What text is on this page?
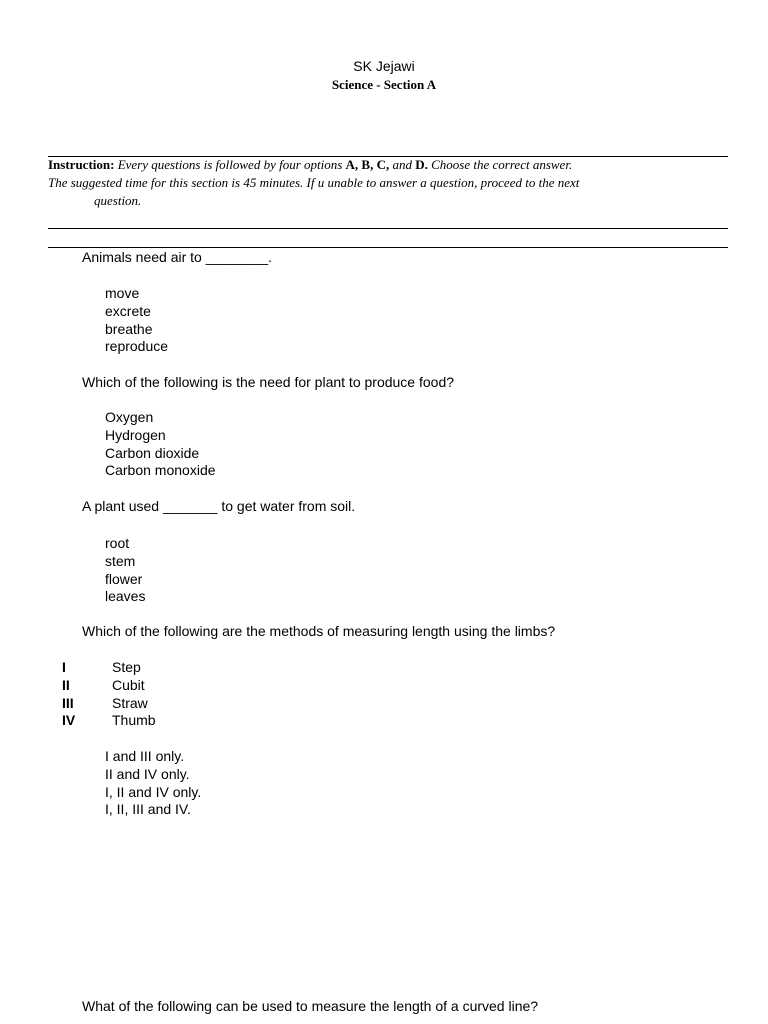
SK Jejawi
Science - Section A
Instruction: Every questions is followed by four options A, B, C, and D. Choose the correct answer.
The suggested time for this section is 45 minutes. If u unable to answer a question, proceed to the next
question.
Animals need air to ________.
move
excrete
breathe
reproduce
Which of the following is the need for plant to produce food?
Oxygen
Hydrogen
Carbon dioxide
Carbon monoxide
A plant used _______ to get water from soil.
root
stem
flower
leaves
Which of the following are the methods of measuring length using the limbs?
I	Step
II	Cubit
III	Straw
IV	Thumb
I and III only.
II and IV only.
I, II and IV only.
I, II, III and IV.
What of the following can be used to measure the length of a curved line?
